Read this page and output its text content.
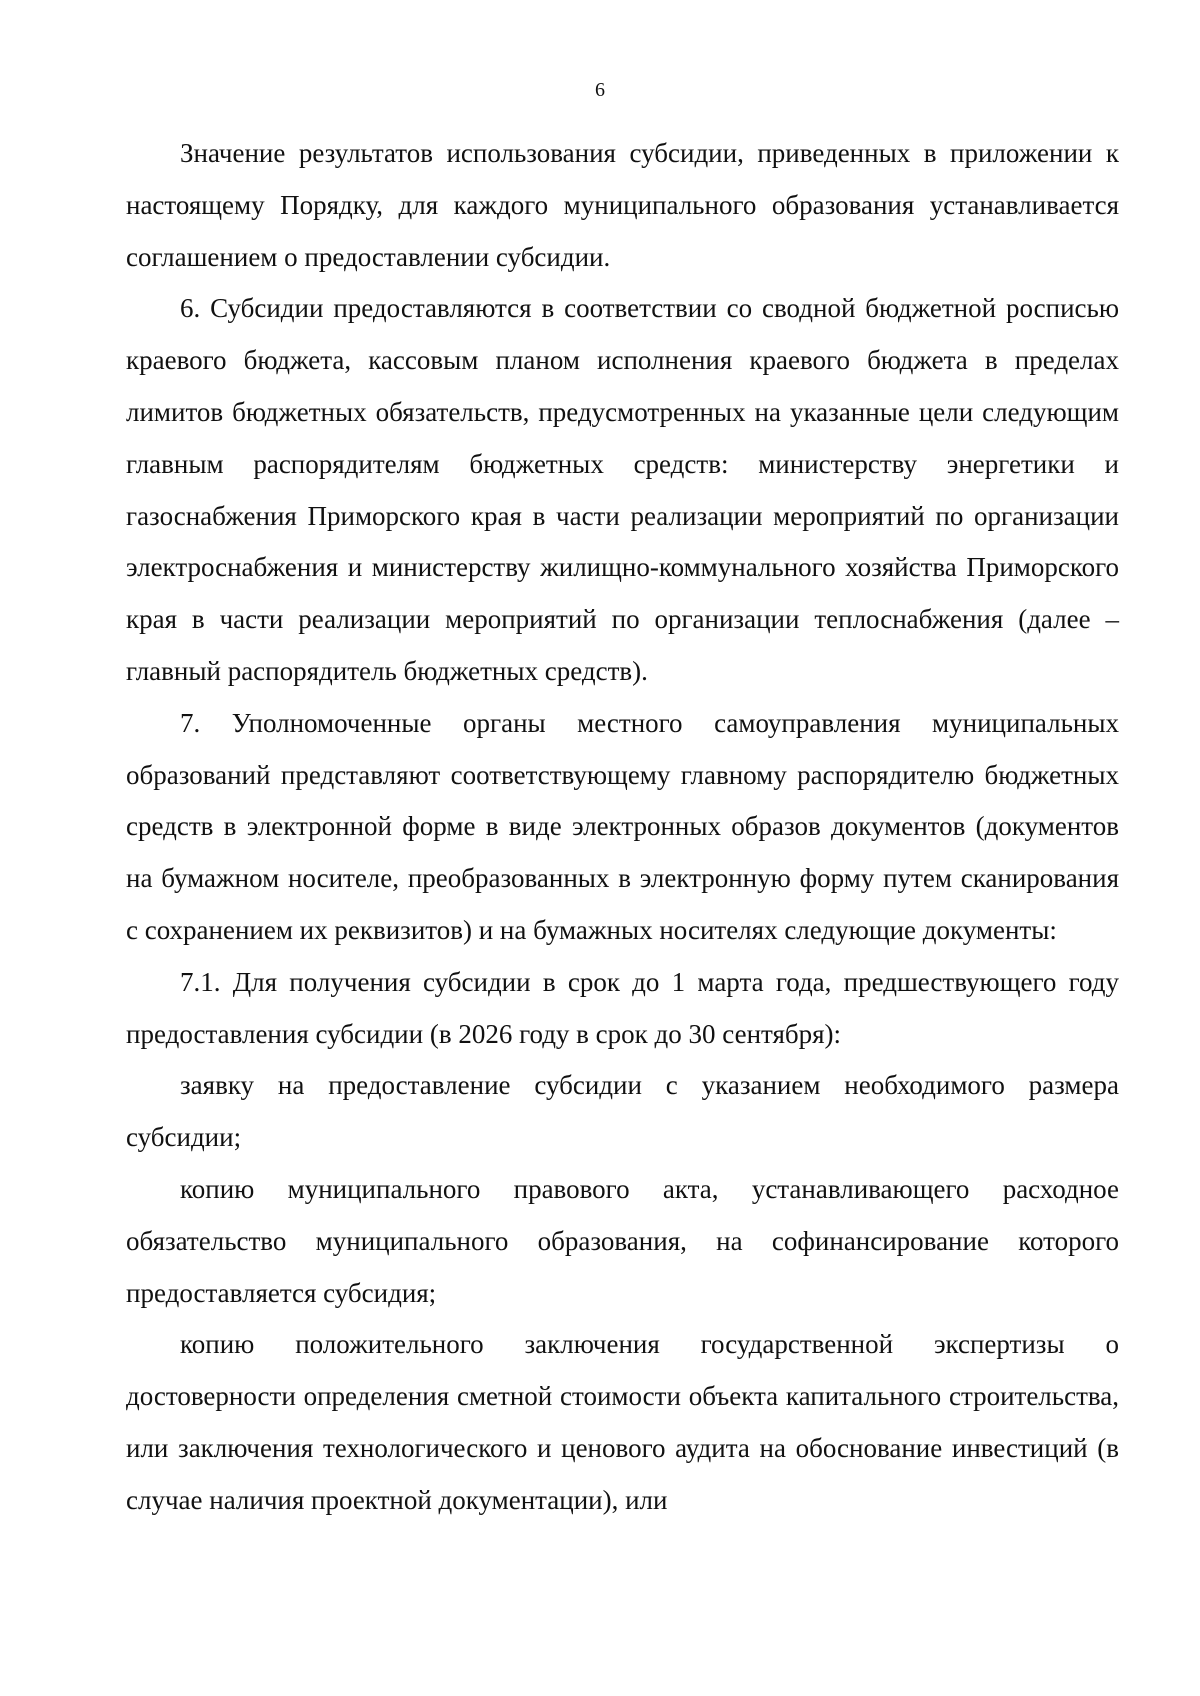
6

Значение результатов использования субсидии, приведенных в приложении к настоящему Порядку, для каждого муниципального образования устанавливается соглашением о предоставлении субсидии.

6. Субсидии предоставляются в соответствии со сводной бюджетной росписью краевого бюджета, кассовым планом исполнения краевого бюджета в пределах лимитов бюджетных обязательств, предусмотренных на указанные цели следующим главным распорядителям бюджетных средств: министерству энергетики и газоснабжения Приморского края в части реализации мероприятий по организации электроснабжения и министерству жилищно-коммунального хозяйства Приморского края в части реализации мероприятий по организации теплоснабжения (далее – главный распорядитель бюджетных средств).

7. Уполномоченные органы местного самоуправления муниципальных образований представляют соответствующему главному распорядителю бюджетных средств в электронной форме в виде электронных образов документов (документов на бумажном носителе, преобразованных в электронную форму путем сканирования с сохранением их реквизитов) и на бумажных носителях следующие документы:

7.1. Для получения субсидии в срок до 1 марта года, предшествующего году предоставления субсидии (в 2026 году в срок до 30 сентября):

заявку на предоставление субсидии с указанием необходимого размера субсидии;

копию муниципального правового акта, устанавливающего расходное обязательство муниципального образования, на софинансирование которого предоставляется субсидия;

копию положительного заключения государственной экспертизы о достоверности определения сметной стоимости объекта капитального строительства, или заключения технологического и ценового аудита на обоснование инвестиций (в случае наличия проектной документации), или
